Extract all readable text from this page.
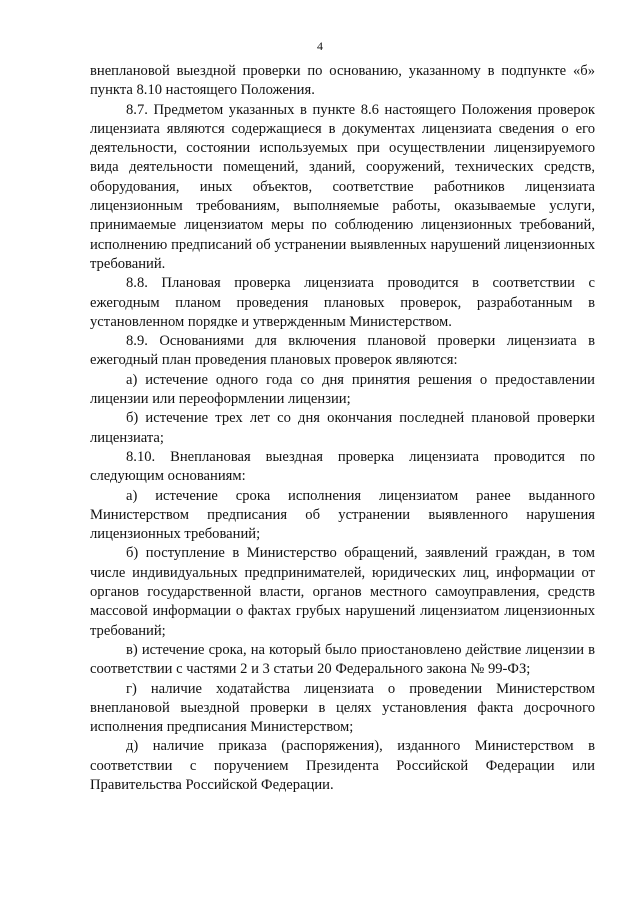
4

внеплановой выездной проверки по основанию, указанному в подпункте «б» пункта 8.10 настоящего Положения.

8.7. Предметом указанных в пункте 8.6 настоящего Положения проверок лицензиата являются содержащиеся в документах лицензиата сведения о его деятельности, состоянии используемых при осуществлении лицензируемого вида деятельности помещений, зданий, сооружений, технических средств, оборудования, иных объектов, соответствие работников лицензиата лицензионным требованиям, выполняемые работы, оказываемые услуги, принимаемые лицензиатом меры по соблюдению лицензионных требований, исполнению предписаний об устранении выявленных нарушений лицензионных требований.

8.8. Плановая проверка лицензиата проводится в соответствии с ежегодным планом проведения плановых проверок, разработанным в установленном порядке и утвержденным Министерством.

8.9. Основаниями для включения плановой проверки лицензиата в ежегодный план проведения плановых проверок являются:

а) истечение одного года со дня принятия решения о предоставлении лицензии или переоформлении лицензии;

б) истечение трех лет со дня окончания последней плановой проверки лицензиата;

8.10. Внеплановая выездная проверка лицензиата проводится по следующим основаниям:

а) истечение срока исполнения лицензиатом ранее выданного Министерством предписания об устранении выявленного нарушения лицензионных требований;

б) поступление в Министерство обращений, заявлений граждан, в том числе индивидуальных предпринимателей, юридических лиц, информации от органов государственной власти, органов местного самоуправления, средств массовой информации о фактах грубых нарушений лицензиатом лицензионных требований;

в) истечение срока, на который было приостановлено действие лицензии в соответствии с частями 2 и 3 статьи 20 Федерального закона № 99-ФЗ;

г) наличие ходатайства лицензиата о проведении Министерством внеплановой выездной проверки в целях установления факта досрочного исполнения предписания Министерством;

д) наличие приказа (распоряжения), изданного Министерством в соответствии с поручением Президента Российской Федерации или Правительства Российской Федерации.
